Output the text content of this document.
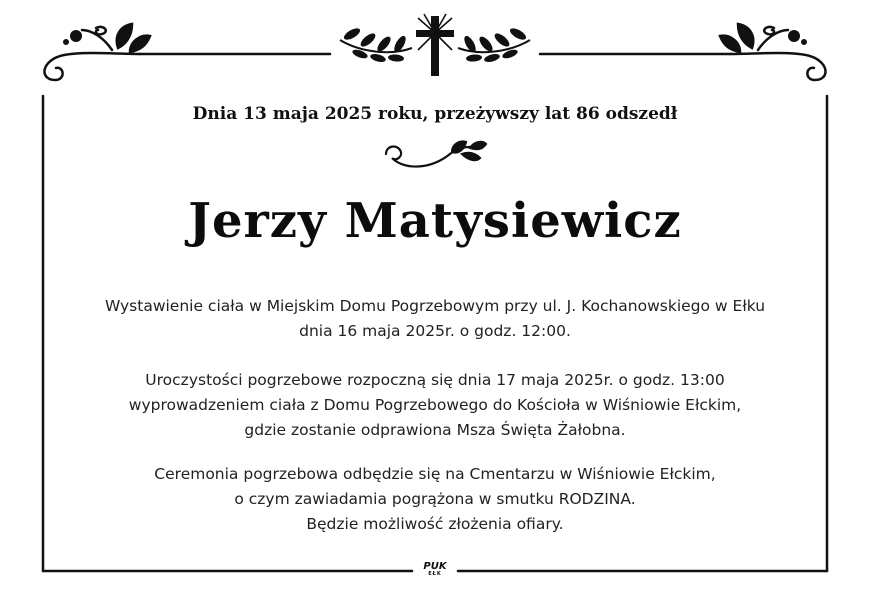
Dnia 13 maja 2025 roku, przeżywszy lat 86 odszedł
Jerzy Matysiewicz
Wystawienie ciała w Miejskim Domu Pogrzebowym przy ul. J. Kochanowskiego w Ełku
dnia 16 maja 2025r. o godz. 12:00.
Uroczystości pogrzebowe rozpoczną się dnia 17 maja 2025r. o godz. 13:00
wyprowadzeniem ciała z Domu Pogrzebowego do Kościoła w Wiśniowie Ełckim,
gdzie zostanie odprawiona Msza Święta Żałobna.
Ceremonia pogrzebowa odbędzie się na Cmentarzu w Wiśniowie Ełckim,
o czym zawiadamia pogrążona w smutku RODZINA.
Będzie możliwość złożenia ofiary.
PUK
EŁK
